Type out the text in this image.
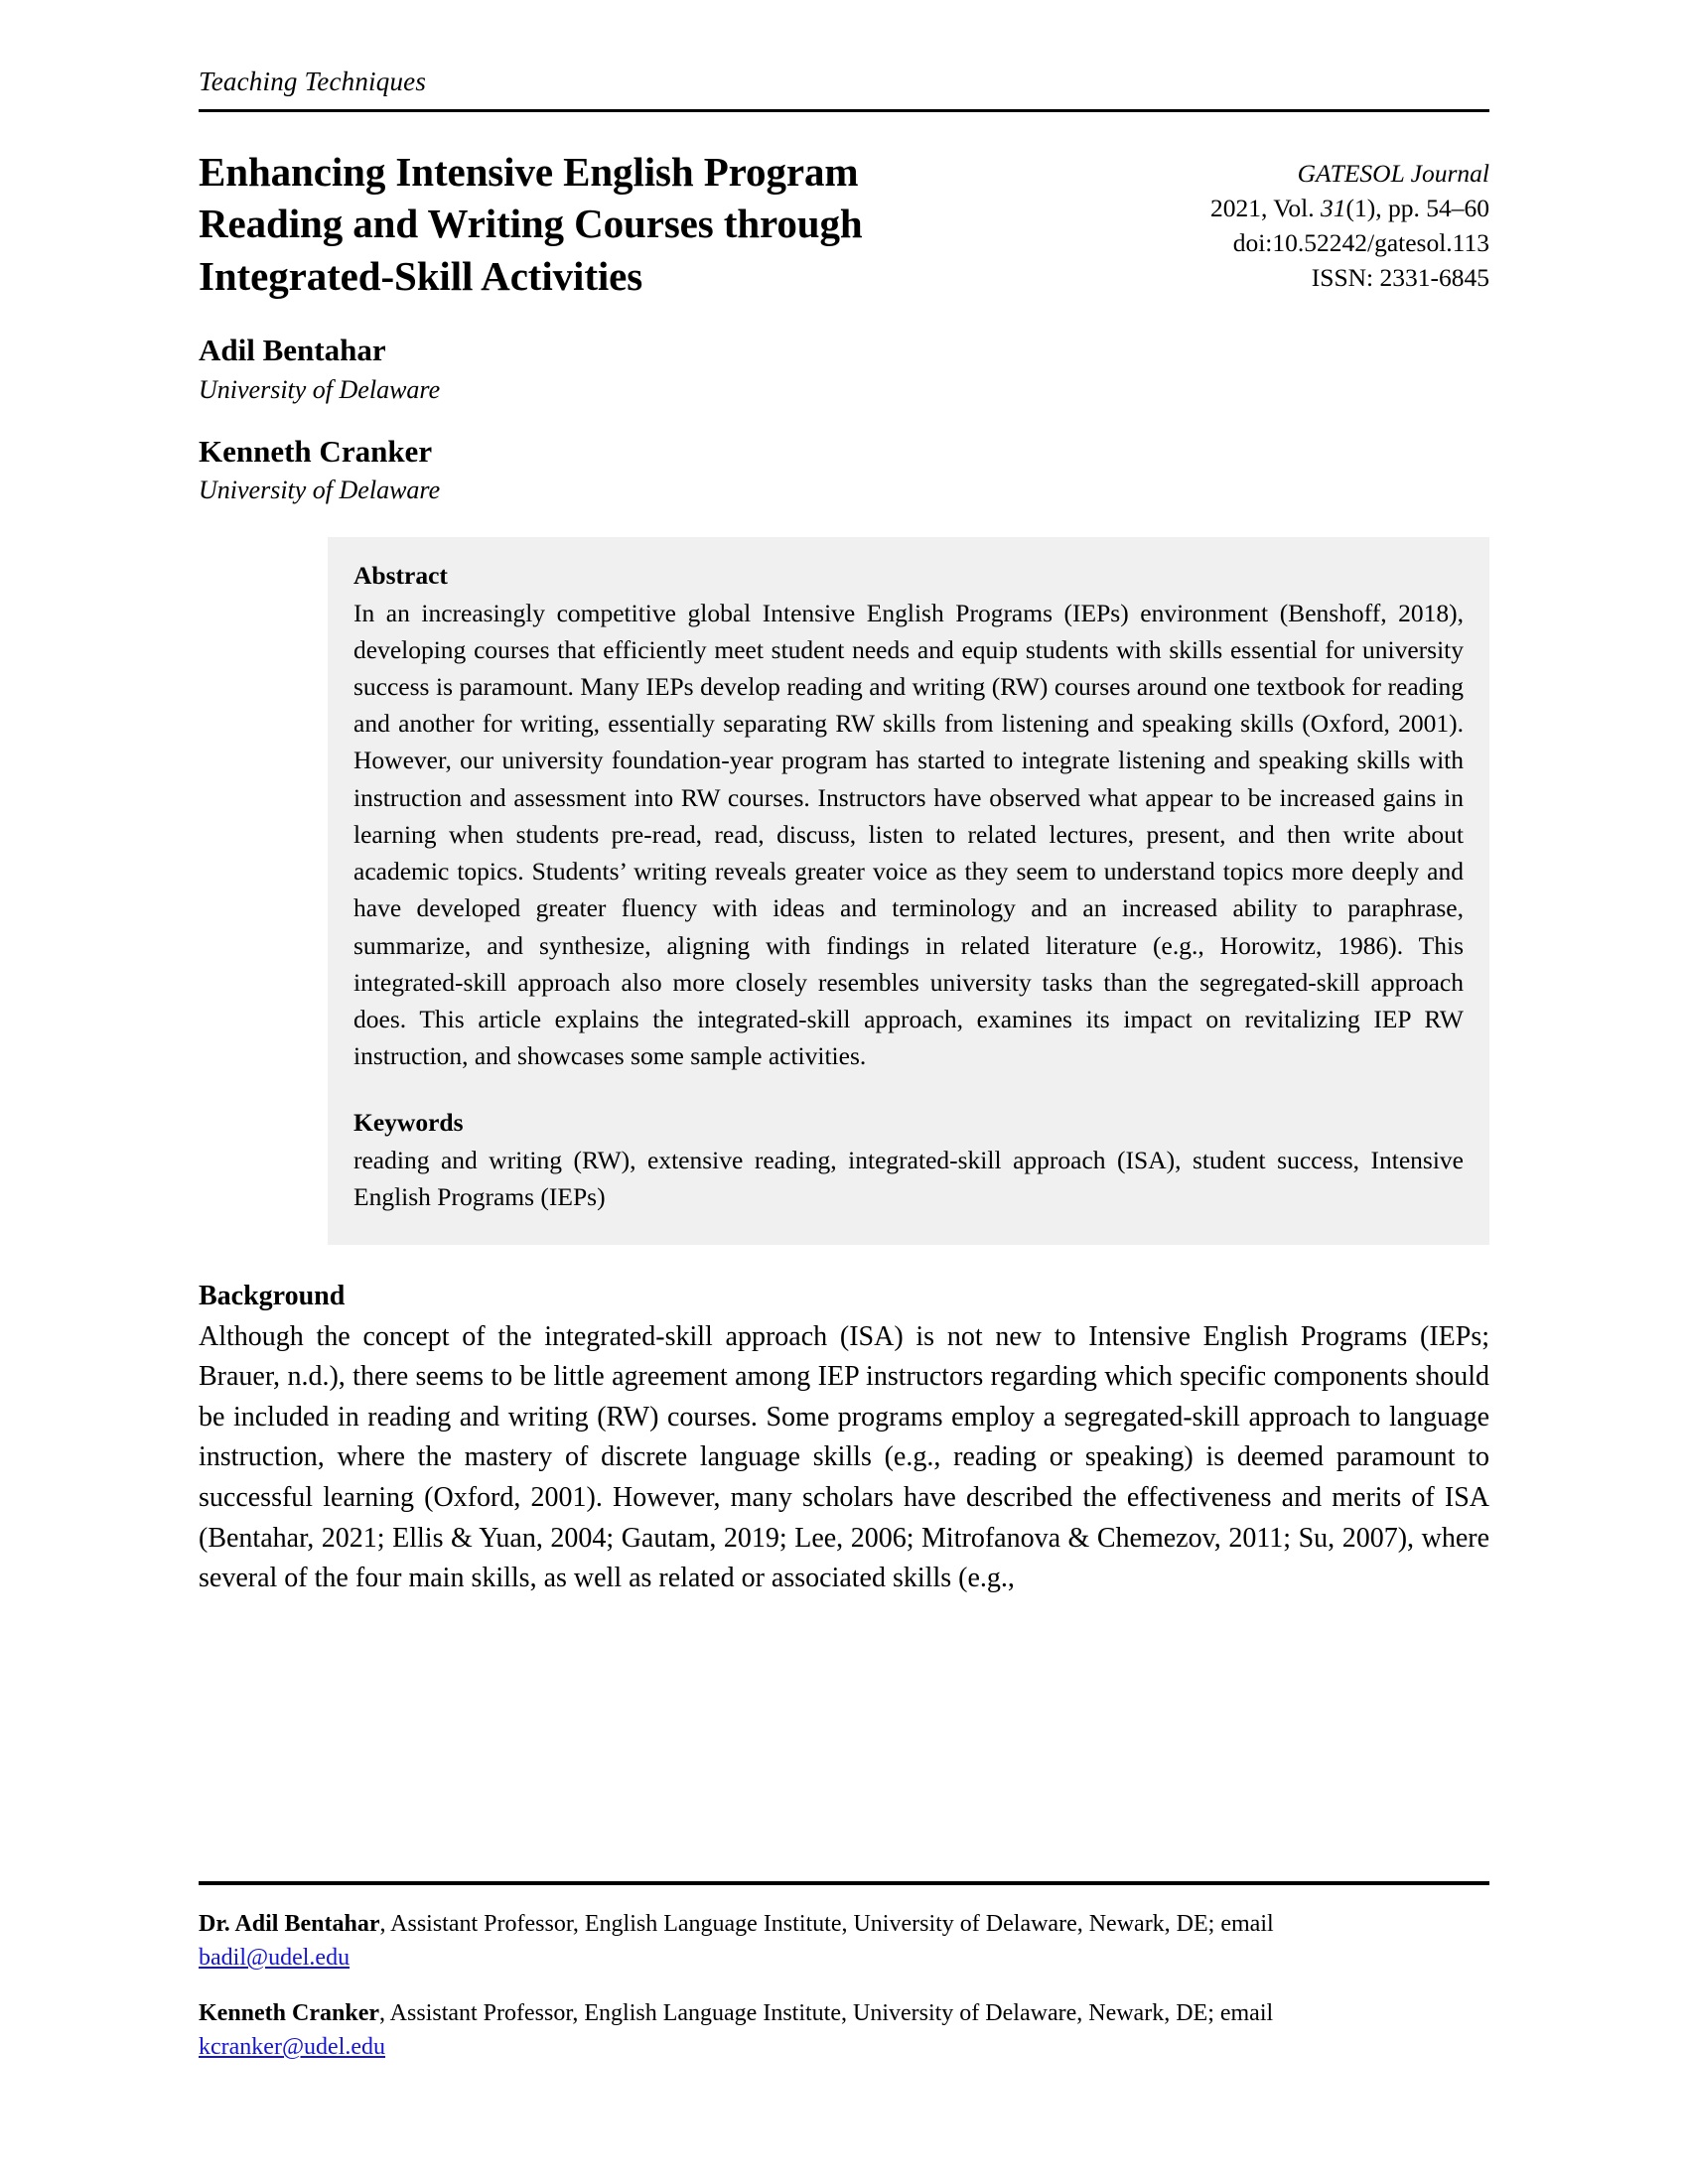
Teaching Techniques
Enhancing Intensive English Program Reading and Writing Courses through Integrated-Skill Activities
GATESOL Journal
2021, Vol. 31(1), pp. 54–60
doi:10.52242/gatesol.113
ISSN: 2331-6845
Adil Bentahar
University of Delaware
Kenneth Cranker
University of Delaware
Abstract
In an increasingly competitive global Intensive English Programs (IEPs) environment (Benshoff, 2018), developing courses that efficiently meet student needs and equip students with skills essential for university success is paramount. Many IEPs develop reading and writing (RW) courses around one textbook for reading and another for writing, essentially separating RW skills from listening and speaking skills (Oxford, 2001). However, our university foundation-year program has started to integrate listening and speaking skills with instruction and assessment into RW courses. Instructors have observed what appear to be increased gains in learning when students pre-read, read, discuss, listen to related lectures, present, and then write about academic topics. Students’ writing reveals greater voice as they seem to understand topics more deeply and have developed greater fluency with ideas and terminology and an increased ability to paraphrase, summarize, and synthesize, aligning with findings in related literature (e.g., Horowitz, 1986). This integrated-skill approach also more closely resembles university tasks than the segregated-skill approach does. This article explains the integrated-skill approach, examines its impact on revitalizing IEP RW instruction, and showcases some sample activities.
Keywords
reading and writing (RW), extensive reading, integrated-skill approach (ISA), student success, Intensive English Programs (IEPs)
Background
Although the concept of the integrated-skill approach (ISA) is not new to Intensive English Programs (IEPs; Brauer, n.d.), there seems to be little agreement among IEP instructors regarding which specific components should be included in reading and writing (RW) courses. Some programs employ a segregated-skill approach to language instruction, where the mastery of discrete language skills (e.g., reading or speaking) is deemed paramount to successful learning (Oxford, 2001). However, many scholars have described the effectiveness and merits of ISA (Bentahar, 2021; Ellis & Yuan, 2004; Gautam, 2019; Lee, 2006; Mitrofanova & Chemezov, 2011; Su, 2007), where several of the four main skills, as well as related or associated skills (e.g.,
Dr. Adil Bentahar, Assistant Professor, English Language Institute, University of Delaware, Newark, DE; email
badil@udel.edu
Kenneth Cranker, Assistant Professor, English Language Institute, University of Delaware, Newark, DE; email
kcranker@udel.edu
